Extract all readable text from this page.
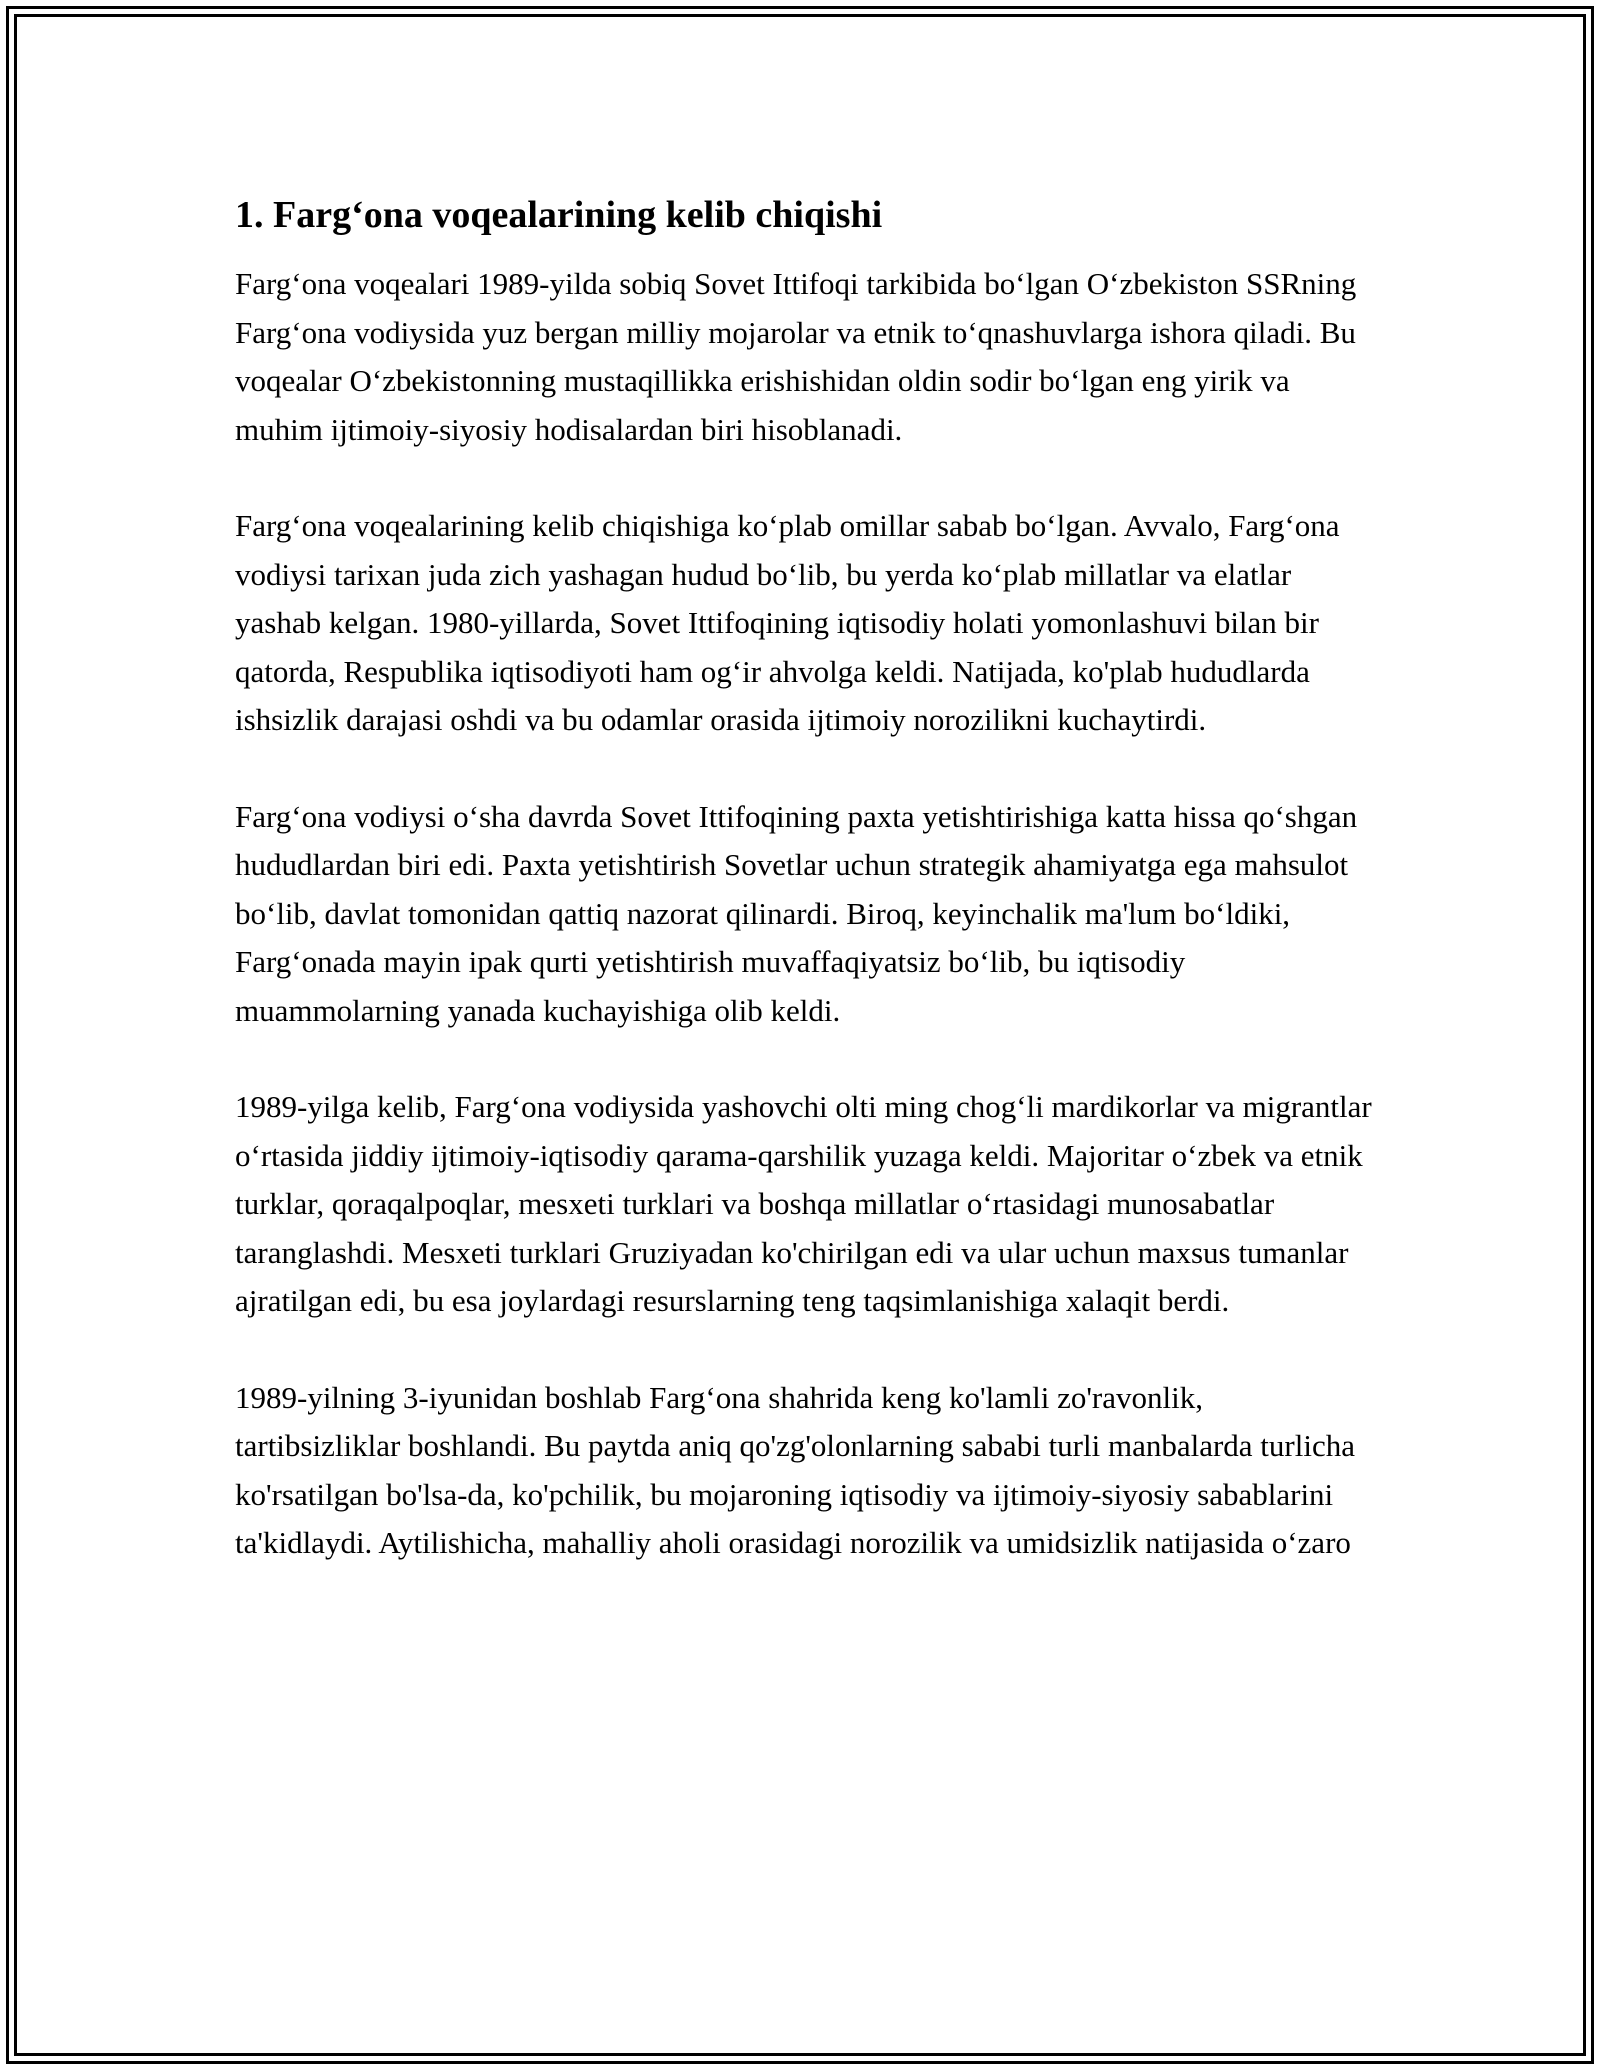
1. Farg‘ona voqealarining kelib chiqishi

Farg‘ona voqealari 1989-yilda sobiq Sovet Ittifoqi tarkibida bo‘lgan O‘zbekiston SSRning Farg‘ona vodiysida yuz bergan milliy mojarolar va etnik to‘qnashuvlarga ishora qiladi. Bu voqealar O‘zbekistonning mustaqillikka erishishidan oldin sodir bo‘lgan eng yirik va muhim ijtimoiy-siyosiy hodisalardan biri hisoblanadi.

Farg‘ona voqealarining kelib chiqishiga ko‘plab omillar sabab bo‘lgan. Avvalo, Farg‘ona vodiysi tarixan juda zich yashagan hudud bo‘lib, bu yerda ko‘plab millatlar va elatlar yashab kelgan. 1980-yillarda, Sovet Ittifoqining iqtisodiy holati yomonlashuvi bilan bir qatorda, Respublika iqtisodiyoti ham og‘ir ahvolga keldi. Natijada, ko'plab hududlarda ishsizlik darajasi oshdi va bu odamlar orasida ijtimoiy norozilikni kuchaytirdi.

Farg‘ona vodiysi o‘sha davrda Sovet Ittifoqining paxta yetishtirishiga katta hissa qo‘shgan hududlardan biri edi. Paxta yetishtirish Sovetlar uchun strategik ahamiyatga ega mahsulot bo‘lib, davlat tomonidan qattiq nazorat qilinardi. Biroq, keyinchalik ma'lum bo‘ldiki, Farg‘onada mayin ipak qurti yetishtirish muvaffaqiyatsiz bo‘lib, bu iqtisodiy muammolarning yanada kuchayishiga olib keldi.

1989-yilga kelib, Farg‘ona vodiysida yashovchi olti ming chog‘li mardikorlar va migrantlar o‘rtasida jiddiy ijtimoiy-iqtisodiy qarama-qarshilik yuzaga keldi. Majoritar o‘zbek va etnik turklar, qoraqalpoqlar, mesxeti turklari va boshqa millatlar o‘rtasidagi munosabatlar taranglashdi. Mesxeti turklari Gruziyadan ko'chirilgan edi va ular uchun maxsus tumanlar ajratilgan edi, bu esa joylardagi resurslarning teng taqsimlanishiga xalaqit berdi.

1989-yilning 3-iyunidan boshlab Farg‘ona shahrida keng ko'lamli zo'ravonlik, tartibsizliklar boshlandi. Bu paytda aniq qo'zg'olonlarning sababi turli manbalarda turlicha ko'rsatilgan bo'lsa-da, ko'pchilik, bu mojaroning iqtisodiy va ijtimoiy-siyosiy sabablarini ta'kidlaydi. Aytilishicha, mahalliy aholi orasidagi norozilik va umidsizlik natijasida o‘zaro
